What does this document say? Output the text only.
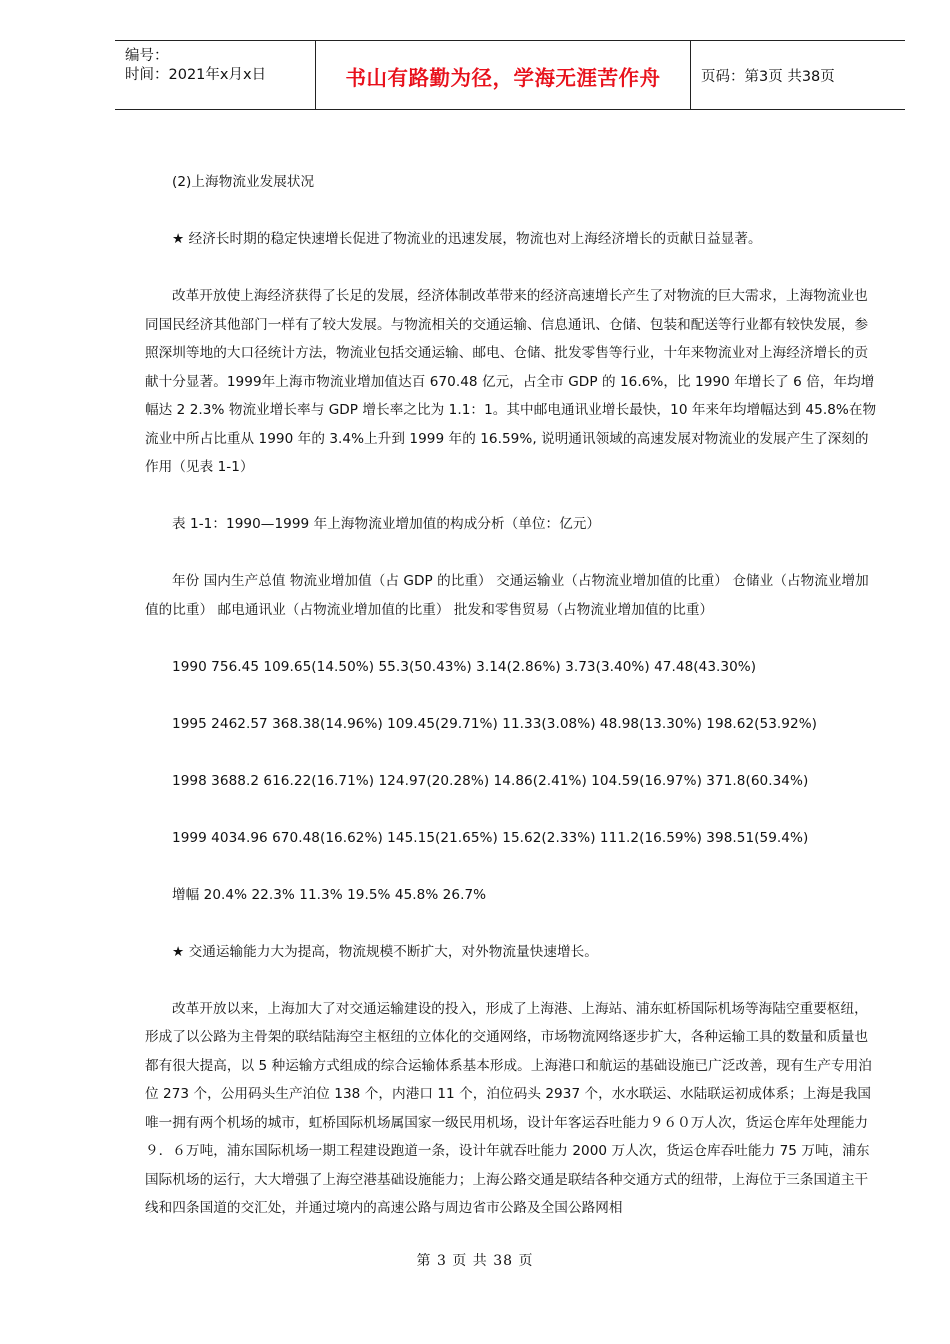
编号：
时间：2021年x月x日	书山有路勤为径，学海无涯苦作舟	页码：第3页 共38页

(2)上海物流业发展状况

★ 经济长时期的稳定快速增长促进了物流业的迅速发展，物流也对上海经济增长的贡献日益显著。

改革开放使上海经济获得了长足的发展，经济体制改革带来的经济高速增长产生了对物流的巨大需求，上海物流业也同国民经济其他部门一样有了较大发展。与物流相关的交通运输、信息通讯、仓储、包装和配送等行业都有较快发展，参照深圳等地的大口径统计方法，物流业包括交通运输、邮电、仓储、批发零售等行业，十年来物流业对上海经济增长的贡献十分显著。1999年上海市物流业增加值达百 670.48 亿元，占全市 GDP 的 16.6%，比 1990 年增长了 6 倍，年均增幅达 2 2.3% 物流业增长率与 GDP 增长率之比为 1.1：1。其中邮电通讯业增长最快，10 年来年均增幅达到 45.8%在物流业中所占比重从 1990 年的 3.4%上升到 1999 年的 16.59%, 说明通讯领域的高速发展对物流业的发展产生了深刻的作用（见表 1-1）

表 1-1：1990—1999 年上海物流业增加值的构成分析（单位：亿元）

年份 国内生产总值 物流业增加值（占 GDP 的比重） 交通运输业（占物流业增加值的比重） 仓储业（占物流业增加值的比重） 邮电通讯业（占物流业增加值的比重） 批发和零售贸易（占物流业增加值的比重）

1990 756.45 109.65(14.50%) 55.3(50.43%) 3.14(2.86%) 3.73(3.40%) 47.48(43.30%)

1995 2462.57 368.38(14.96%) 109.45(29.71%) 11.33(3.08%) 48.98(13.30%) 198.62(53.92%)

1998 3688.2 616.22(16.71%) 124.97(20.28%) 14.86(2.41%) 104.59(16.97%) 371.8(60.34%)

1999 4034.96 670.48(16.62%) 145.15(21.65%) 15.62(2.33%) 111.2(16.59%) 398.51(59.4%)

增幅 20.4% 22.3% 11.3% 19.5% 45.8% 26.7%

★ 交通运输能力大为提高，物流规模不断扩大，对外物流量快速增长。

改革开放以来，上海加大了对交通运输建设的投入，形成了上海港、上海站、浦东虹桥国际机场等海陆空重要枢纽，形成了以公路为主骨架的联结陆海空主枢纽的立体化的交通网络，市场物流网络逐步扩大，各种运输工具的数量和质量也都有很大提高，以 5 种运输方式组成的综合运输体系基本形成。上海港口和航运的基础设施已广泛改善，现有生产专用泊位 273 个，公用码头生产泊位 138 个，内港口 11 个，泊位码头 2937 个，水水联运、水陆联运初成体系；上海是我国唯一拥有两个机场的城市，虹桥国际机场属国家一级民用机场，设计年客运吞吐能力９６０万人次，货运仓库年处理能力９．６万吨，浦东国际机场一期工程建设跑道一条，设计年就吞吐能力 2000 万人次，货运仓库吞吐能力 75 万吨，浦东国际机场的运行，大大增强了上海空港基础设施能力；上海公路交通是联结各种交通方式的纽带，上海位于三条国道主干线和四条国道的交汇处，并通过境内的高速公路与周边省市公路及全国公路网相

第 3 页 共 38 页
